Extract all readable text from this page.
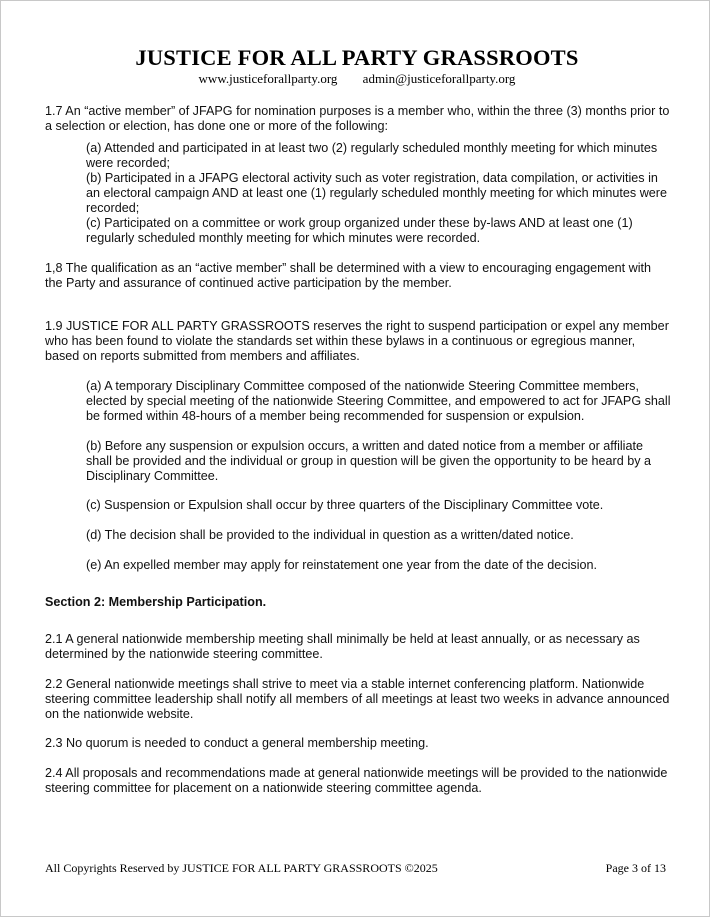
JUSTICE FOR ALL PARTY GRASSROOTS
www.justiceforallparty.org admin@justiceforallparty.org
1.7 An “active member” of JFAPG for nomination purposes is a member who, within the three (3) months prior to a selection or election, has done one or more of the following:
(a) Attended and participated in at least two (2) regularly scheduled monthly meeting for which minutes were recorded;
(b) Participated in a JFAPG electoral activity such as voter registration, data compilation, or activities in an electoral campaign AND at least one (1) regularly scheduled monthly meeting for which minutes were recorded;
(c) Participated on a committee or work group organized under these by-laws AND at least one (1) regularly scheduled monthly meeting for which minutes were recorded.
1,8 The qualification as an “active member” shall be determined with a view to encouraging engagement with the Party and assurance of continued active participation by the member.
1.9 JUSTICE FOR ALL PARTY GRASSROOTS reserves the right to suspend participation or expel any member who has been found to violate the standards set within these bylaws in a continuous or egregious manner, based on reports submitted from members and affiliates.
(a) A temporary Disciplinary Committee composed of the nationwide Steering Committee members, elected by special meeting of the nationwide Steering Committee, and empowered to act for JFAPG shall be formed within 48-hours of a member being recommended for suspension or expulsion.
(b) Before any suspension or expulsion occurs, a written and dated notice from a member or affiliate shall be provided and the individual or group in question will be given the opportunity to be heard by a Disciplinary Committee.
(c) Suspension or Expulsion shall occur by three quarters of the Disciplinary Committee vote.
(d) The decision shall be provided to the individual in question as a written/dated notice.
(e) An expelled member may apply for reinstatement one year from the date of the decision.
Section 2: Membership Participation.
2.1 A general nationwide membership meeting shall minimally be held at least annually, or as necessary as determined by the nationwide steering committee.
2.2 General nationwide meetings shall strive to meet via a stable internet conferencing platform. Nationwide steering committee leadership shall notify all members of all meetings at least two weeks in advance announced on the nationwide website.
2.3 No quorum is needed to conduct a general membership meeting.
2.4 All proposals and recommendations made at general nationwide meetings will be provided to the nationwide steering committee for placement on a nationwide steering committee agenda.
All Copyrights Reserved by JUSTICE FOR ALL PARTY GRASSROOTS ©2025	Page 3 of 13
